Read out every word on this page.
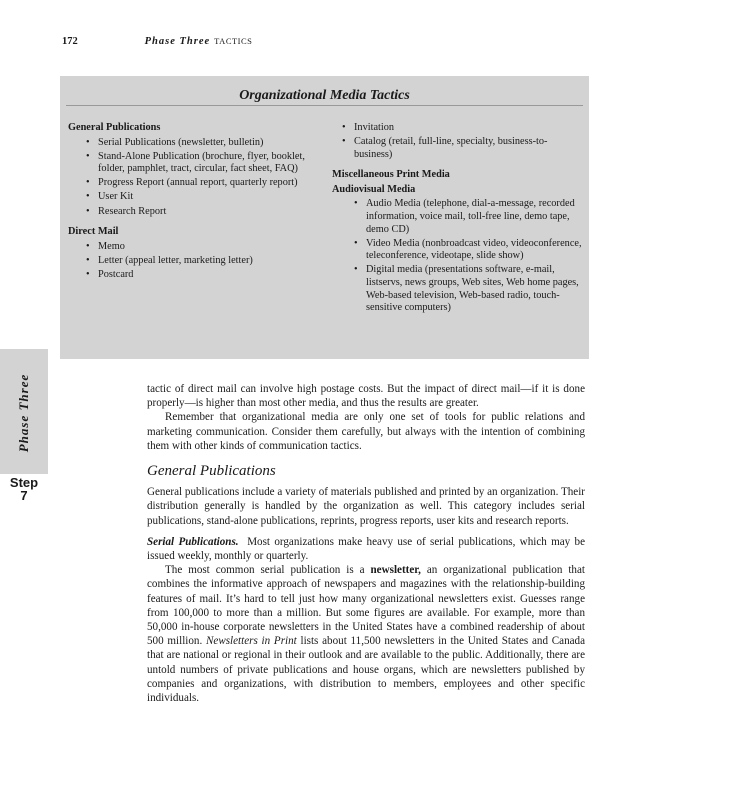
172	Phase Three TACTICS
Organizational Media Tactics
General Publications
• Serial Publications (newsletter, bulletin)
• Stand-Alone Publication (brochure, flyer, booklet, folder, pamphlet, tract, circular, fact sheet, FAQ)
• Progress Report (annual report, quarterly report)
• User Kit
• Research Report
Direct Mail
• Memo
• Letter (appeal letter, marketing letter)
• Postcard
• Invitation
• Catalog (retail, full-line, specialty, business-to-business)
Miscellaneous Print Media
Audiovisual Media
• Audio Media (telephone, dial-a-message, recorded information, voice mail, toll-free line, demo tape, demo CD)
• Video Media (nonbroadcast video, videoconference, teleconference, videotape, slide show)
• Digital media (presentations software, e-mail, listservs, news groups, Web sites, Web home pages, Web-based television, Web-based radio, touch-sensitive computers)
Phase Three
Step
7

tactic of direct mail can involve high postage costs. But the impact of direct mail—if it is done properly—is higher than most other media, and thus the results are greater.

Remember that organizational media are only one set of tools for public relations and marketing communication. Consider them carefully, but always with the intention of combining them with other kinds of communication tactics.

General Publications

General publications include a variety of materials published and printed by an organization. Their distribution generally is handled by the organization as well. This category includes serial publications, stand-alone publications, reprints, progress reports, user kits and research reports.

Serial Publications. Most organizations make heavy use of serial publications, which may be issued weekly, monthly or quarterly.

The most common serial publication is a newsletter, an organizational publication that combines the informative approach of newspapers and magazines with the relationship-building features of mail. It’s hard to tell just how many organizational newsletters exist. Guesses range from 100,000 to more than a million. But some figures are available. For example, more than 50,000 in-house corporate newsletters in the United States have a combined readership of about 500 million. Newsletters in Print lists about 11,500 newsletters in the United States and Canada that are national or regional in their outlook and are available to the public. Additionally, there are untold numbers of private publications and house organs, which are newsletters published by companies and organizations, with distribution to members, employees and other specific individuals.
